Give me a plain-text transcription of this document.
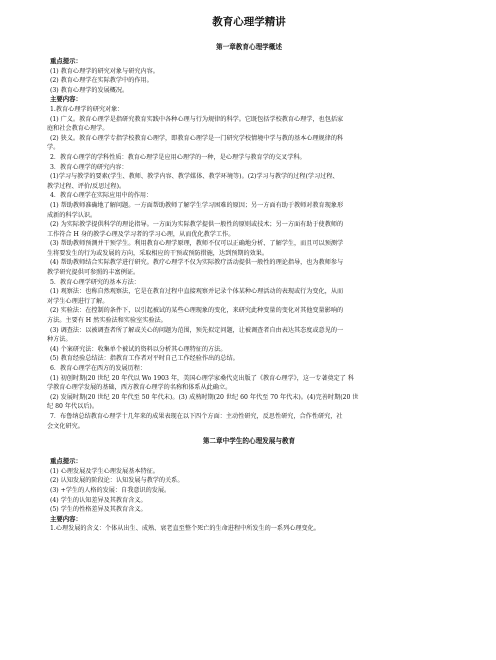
教育心理学精讲
第一章教育心理学概述
重点提示：
(1) 教育心理学的研究对象与研究内容。
(2) 教育心理学在实际教学中的作用。
(3) 教育心理学的发展概况。
主要内容：
1.教育心理学的研究对象：
(1) 广义。教育心理学是指研究教育实践中各种心理与行为规律的科学。它既包括学校教育心理学，也包括家
庭和社会教育心理学。
(2) 狭义。教育心理学专指学校教育心理学，即教育心理学是一门研究学校情境中学与教的基本心理规律的科
学。
2．教育心理学的学科性质：教育心理学是应用心理学的一种，是心理学与教育学的交叉学科。
3．教育心理学的研究内容：
(1)学习与教学的要素(学生、教师、教学内容、教学媒体、教学环境等)。(2)学习与教学的过程(学习过程、
教学过程、评价/反思过程)。
4．教育心理学在实际应用中的作用：
(1) 帮助教师准确地了解问题。一方面帮助教师了解学生学习困难的原因；另一方面有助于教师对教育现象形
成新的科学认识。
(2) 为实际教学提供科学的理论指导。一方面为实际教学提供一般性的原则或技术；另一方面有助于使教师的
工作符合 H 身的教学心理及学习者的学习心理，从而优化教学工作。
(3) 帮助教师预测并干预学生。利用教育心理学原理，教师不仅可以正确地分析、了解学生，而且可以预测学
生将要发生的行为或发展的方向，采取相应的干预或预防措施，达到预期的效果。
(4) 帮助教师结合实际教学进行研究。教疗心理学不仅为实际教疗活动提供一般性的理论指导，也为教师参与
教学研究提供可参照的丰富例证。
5．教育心理学研究的基本方法：
(1) 观察法：也称自然观察法，它是在教育过程中直接观察并记录个体某种心理活动的表现或行为变化，从而
对学生心理进行了解。
(2) 实验法：在控制的条件下，以引起被试的某些心理现象的变化，来研究此种变量的变化对其他变量影响的
方法。主要有 H 然实验法和实验室实验法。
(3) 调查法：以被调查者所了解或关心的问题为范围，预先拟定问题，让被调查者自由表达其态度或意见的一
种方法。
(4) 个案研究法：收集单个被试的资料以分析其心理特征的方法。
(5) 教育经验总结法：指教育工作者对平时自己工作经验作出的总结。
6．教育心理学在西方的发展历程：
(1) 初创时期(20 世纪 20 年代以 Wo 1903 年，美国心理学家桑代克出版了《教育心理学》，这一专著奠定了 科
学教育心理学发展的基础，西方教育心理学的名称和体系从此确立。
(2) 发展时期(20 世纪 20 年代至 50 年代末)。(3) 成熟时期(20 世纪 60 年代至 70 年代末)。(4)完善时期(20 世
纪 80 年代以后)。
7．布鲁纳总结教育心理学十几年来的成果表现在以下四个方面：主动性研究，反思性研究，合作性研究，社
会文化研究。
第二章中学生的心理发展与教育
重点提示：
(1) 心理发展及学生心理发展基本特征。
(2) 认知发展的阶段论：认知发展与教学的关系。
(3) +学生的人格的发展：自我意识的发展。
(4) 学生的认知差异及其教育含义。
(5) 学生的性格差异及其教育含义。
主要内容：
1.心理发展的含义：个体从出生、成熟、衰老直至整个死亡的生命进程中所发生的一系列心理变化。
